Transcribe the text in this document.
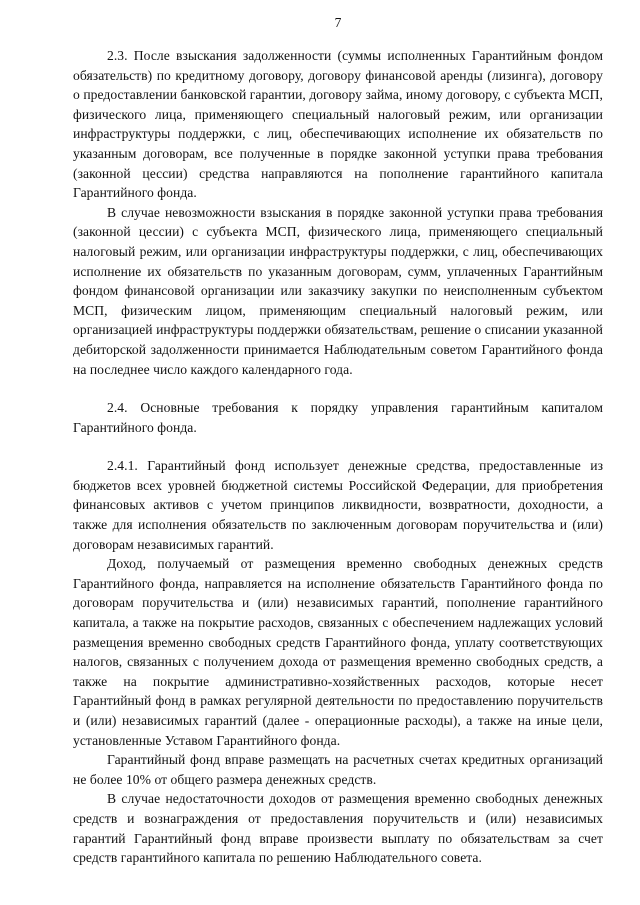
7

2.3. После взыскания задолженности (суммы исполненных Гарантийным фондом обязательств) по кредитному договору, договору финансовой аренды (лизинга), договору о предоставлении банковской гарантии, договору займа, иному договору, с субъекта МСП, физического лица, применяющего специальный налоговый режим, или организации инфраструктуры поддержки, с лиц, обеспечивающих исполнение их обязательств по указанным договорам, все полученные в порядке законной уступки права требования (законной цессии) средства направляются на пополнение гарантийного капитала Гарантийного фонда.

В случае невозможности взыскания в порядке законной уступки права требования (законной цессии) с субъекта МСП, физического лица, применяющего специальный налоговый режим, или организации инфраструктуры поддержки, с лиц, обеспечивающих исполнение их обязательств по указанным договорам, сумм, уплаченных Гарантийным фондом финансовой организации или заказчику закупки по неисполненным субъектом МСП, физическим лицом, применяющим специальный налоговый режим, или организацией инфраструктуры поддержки обязательствам, решение о списании указанной дебиторской задолженности принимается Наблюдательным советом Гарантийного фонда на последнее число каждого календарного года.

2.4. Основные требования к порядку управления гарантийным капиталом Гарантийного фонда.

2.4.1. Гарантийный фонд использует денежные средства, предоставленные из бюджетов всех уровней бюджетной системы Российской Федерации, для приобретения финансовых активов с учетом принципов ликвидности, возвратности, доходности, а также для исполнения обязательств по заключенным договорам поручительства и (или) договорам независимых гарантий.

Доход, получаемый от размещения временно свободных денежных средств Гарантийного фонда, направляется на исполнение обязательств Гарантийного фонда по договорам поручительства и (или) независимых гарантий, пополнение гарантийного капитала, а также на покрытие расходов, связанных с обеспечением надлежащих условий размещения временно свободных средств Гарантийного фонда, уплату соответствующих налогов, связанных с получением дохода от размещения временно свободных средств, а также на покрытие административно-хозяйственных расходов, которые несет Гарантийный фонд в рамках регулярной деятельности по предоставлению поручительств и (или) независимых гарантий (далее - операционные расходы), а также на иные цели, установленные Уставом Гарантийного фонда.

Гарантийный фонд вправе размещать на расчетных счетах кредитных организаций не более 10% от общего размера денежных средств.

В случае недостаточности доходов от размещения временно свободных денежных средств и вознаграждения от предоставления поручительств и (или) независимых гарантий Гарантийный фонд вправе произвести выплату по обязательствам за счет средств гарантийного капитала по решению Наблюдательного совета.
